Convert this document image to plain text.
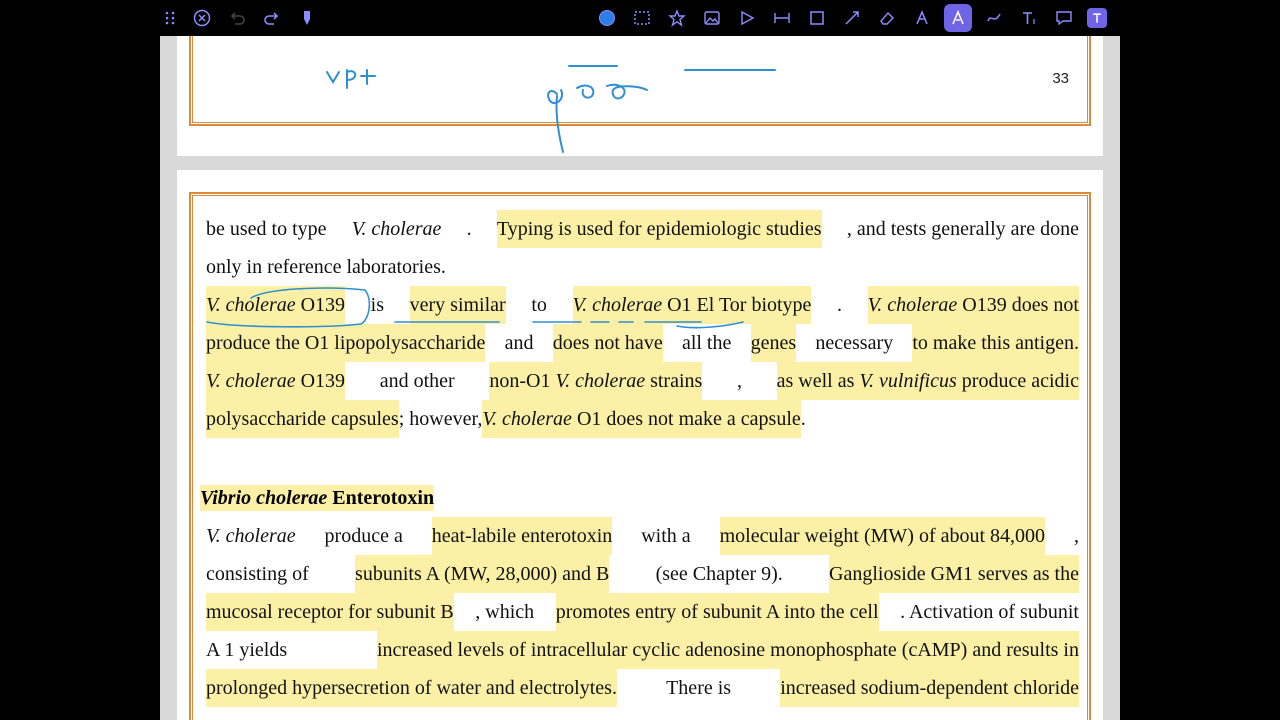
33
be used to type V. cholerae . Typing is used for epidemiologic studies , and tests generally are done
only in reference laboratories.
V. cholerae O139 is very similar to V. cholerae O1 El Tor biotype . V. cholerae O139 does not
produce the O1 lipopolysaccharide and does not have all the genes necessary to make this antigen.
V. cholerae O139 and other non-O1 V. cholerae strains , as well as V. vulnificus produce acidic
polysaccharide capsules ; however, V. cholerae O1 does not make a capsule .
Vibrio cholerae Enterotoxin
V. cholerae produce a heat-labile enterotoxin with a molecular weight (MW) of about 84,000 ,
consisting of subunits A (MW, 28,000) and B (see Chapter 9). Ganglioside GM1 serves as the
mucosal receptor for subunit B , which promotes entry of subunit A into the cell . Activation of subunit
A 1 yields	increased levels of intracellular cyclic adenosine monophosphate (cAMP) and results in
prolonged hypersecretion of water and electrolytes. There is increased sodium-dependent chloride
